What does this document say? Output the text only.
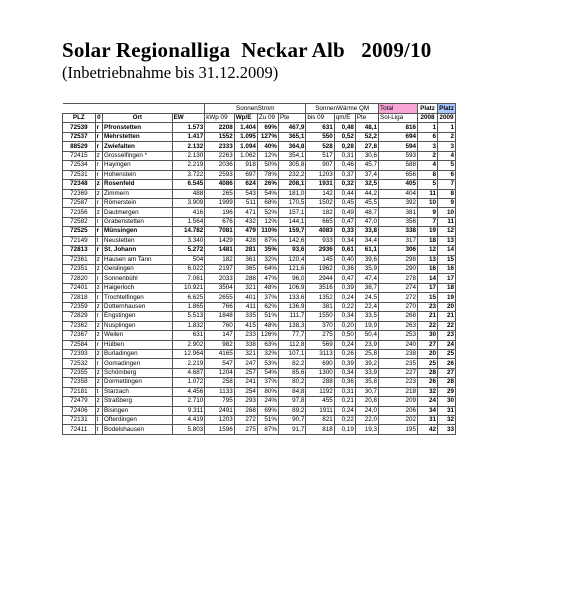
Solar Regionalliga  Neckar Alb   2009/10
(Inbetriebnahme bis 31.12.2009)
				SonnenStrom				SonnenWärme QM			Total	Platz	Platz
PLZ	0	Ort	EW	kWp 09	Wp/E	Zu 09	Pte	bis 09	qm/E	Pte	Sol-Liga	2008	2009
72539	r	Pfronstetten	1.573	2208	1.404	69%	467,9	631	0,48	48,1	816	1	1
72537	r	Mehrstetten	1.417	1552	1.095	127%	365,1	550	0,52	52,2	694	6	2
88529	r	Zwiefalten	2.132	2333	1.094	40%	364,8	528	0,28	27,8	594	3	3
72415	z	Grosselfingen *	2.130	2263	1.062	12%	354,1	517	0,31	30,6	593	2	4
72534	r	Hayingen	2.219	2036	918	50%	305,8	907	0,46	45,7	588	4	5
72531	r	Hohenstein	3.722	2593	697	78%	232,2	1203	0,37	37,4	656	8	6
72348	z	Rosenfeld	6.545	4086	624	26%	208,1	1931	0,32	32,5	405	5	7
72369	z	Zimmern	488	265	543	54%	181,0	142	0,44	44,2	404	11	8
72587	r	Römerstein	3.909	1999	511	68%	170,5	1502	0,45	45,5	392	10	9
72356	z	Dautmergen	416	196	471	52%	157,1	182	0,49	48,7	381	9	10
72582	r	Grabenstetten	1.564	676	432	12%	144,1	665	0,47	47,0	356	7	11
72525	r	Münsingen	14.782	7081	479	110%	159,7	4083	0,33	33,8	338	19	12
72149	t	Neustetten	3.340	1429	428	87%	142,6	933	0,34	34,4	317	18	13
72813	r	St. Johann	5.272	1481	281	35%	93,6	2936	0,61	61,1	306	12	14
72361	z	Hausen am Tann	504	182	361	32%	120,4	145	0,40	39,6	298	13	15
72351	z	Geislingen	6.022	2197	365	64%	121,6	1962	0,36	35,9	290	16	16
72820	r	Sonnenbühl	7.061	2033	288	47%	96,0	2944	0,47	47,4	278	14	17
72401	z	Haigerloch	10.921	3504	321	48%	106,9	3516	0,39	38,7	274	17	18
72818	r	Trochtelfingen	6.625	2655	401	37%	133,6	1352	0,24	24,5	272	15	19
72359	z	Dotternhausen	1.865	766	411	62%	136,9	381	0,22	22,4	270	23	20
72829	r	Engstingen	5.513	1848	335	51%	111,7	1550	0,34	33,5	268	21	21
72362	z	Nusplingen	1.832	760	415	48%	138,3	370	0,20	19,9	263	22	22
72367	z	Weilen	631	147	233	126%	77,7	275	0,50	50,4	253	30	23
72584	r	Hülben	2.902	982	338	63%	112,8	569	0,24	23,9	240	27	24
72393	z	Burladingen	12.964	4165	321	32%	107,1	3113	0,26	25,8	238	20	25
72532	r	Gomadingen	2.219	547	247	53%	82,2	690	0,39	39,2	235	25	26
72355	z	Schömberg	4.687	1204	257	54%	85,6	1300	0,34	33,9	227	28	27
72358	z	Dormettingen	1.072	258	241	37%	80,2	288	0,36	35,8	223	26	28
72181	t	Starzach	4.456	1133	254	80%	84,8	1192	0,31	30,7	218	32	29
72479	z	Straßberg	2.710	795	293	24%	97,8	455	0,21	20,8	209	24	30
72406	z	Bisingen	9.311	2491	268	69%	89,2	1911	0,24	24,0	206	34	31
72131	t	Ofterdingen	4.419	1203	272	51%	90,7	821	0,22	22,0	202	31	32
72411	t	Bodelshausen	5.803	1596	275	87%	91,7	818	0,19	19,3	195	42	33
